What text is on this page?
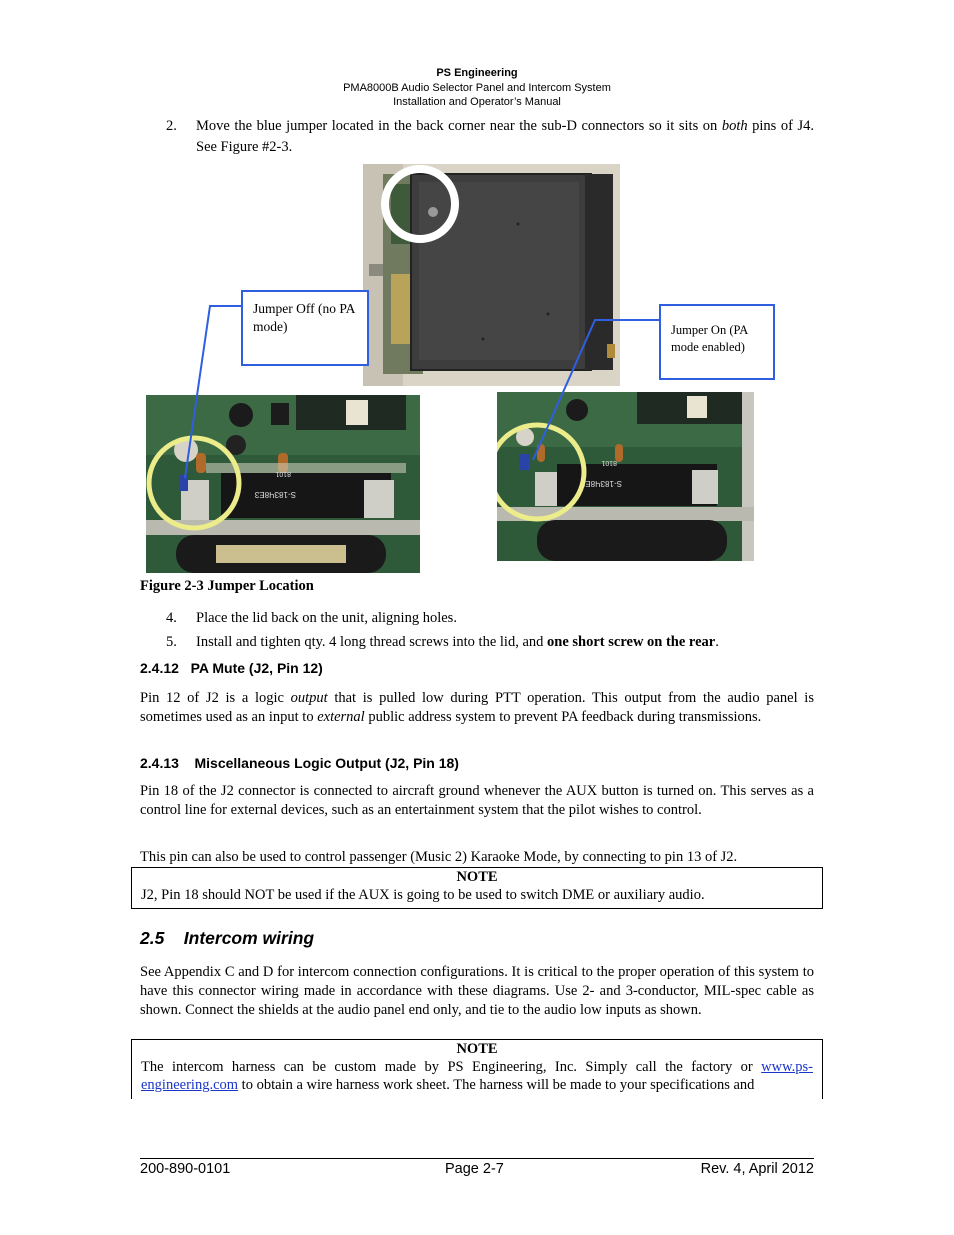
PS Engineering
PMA8000B Audio Selector Panel and Intercom System
Installation and Operator’s Manual
2. Move the blue jumper located in the back corner near the sub-D connectors so it sits on both pins of J4. See Figure #2-3.
Jumper Off (no PA mode)	Jumper On (PA mode enabled)
S-18ЗЧ8ЕЗ
8101
S-18ЗЧ8ЕЗ
8101
Figure 2-3 Jumper Location
4. Place the lid back on the unit, aligning holes.
5. Install and tighten qty. 4 long thread screws into the lid, and one short screw on the rear.
2.4.12   PA Mute (J2, Pin 12)
Pin 12 of J2 is a logic output that is pulled low during PTT operation. This output from the audio panel is sometimes used as an input to external public address system to prevent PA feedback during transmissions.
2.4.13    Miscellaneous Logic Output (J2, Pin 18)
Pin 18 of the J2 connector is connected to aircraft ground whenever the AUX button is turned on. This serves as a control line for external devices, such as an entertainment system that the pilot wishes to control.
This pin can also be used to control passenger (Music 2) Karaoke Mode, by connecting to pin 13 of J2.
NOTE
J2, Pin 18 should NOT be used if the AUX is going to be used to switch DME or auxiliary audio.
2.5    Intercom wiring
See Appendix C and D for intercom connection configurations. It is critical to the proper operation of this system to have this connector wiring made in accordance with these diagrams. Use 2- and 3-conductor, MIL-spec cable as shown. Connect the shields at the audio panel end only, and tie to the audio low inputs as shown.
NOTE
The intercom harness can be custom made by PS Engineering, Inc. Simply call the factory or www.ps-engineering.com to obtain a wire harness work sheet. The harness will be made to your specifications and
200-890-0101	Page 2-7	Rev. 4, April 2012
